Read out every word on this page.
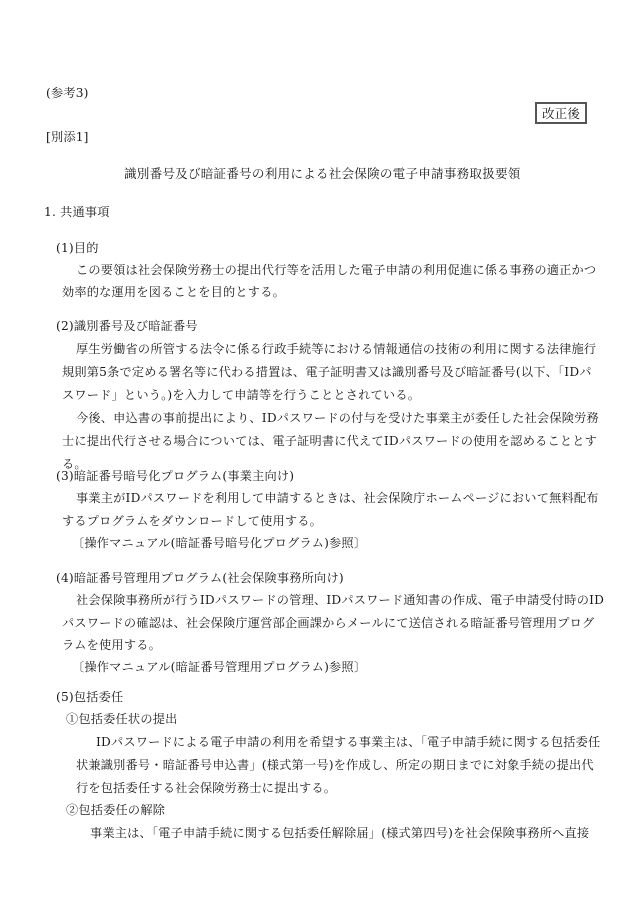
(参考3)
改正後
[別添1]
識別番号及び暗証番号の利用による社会保険の電子申請事務取扱要領
1. 共通事項
(1)目的
この要領は社会保険労務士の提出代行等を活用した電子申請の利用促進に係る事務の適正かつ
効率的な運用を図ることを目的とする。
(2)識別番号及び暗証番号
厚生労働省の所管する法令に係る行政手続等における情報通信の技術の利用に関する法律施行
規則第5条で定める署名等に代わる措置は、電子証明書又は識別番号及び暗証番号(以下、「IDパ
スワード」という。)を入力して申請等を行うこととされている。
今後、申込書の事前提出により、IDパスワードの付与を受けた事業主が委任した社会保険労務
士に提出代行させる場合については、電子証明書に代えてIDパスワードの使用を認めることとす
る。
(3)暗証番号暗号化プログラム(事業主向け)
事業主がIDパスワードを利用して申請するときは、社会保険庁ホームページにおいて無料配布
するプログラムをダウンロードして使用する。
〔操作マニュアル(暗証番号暗号化プログラム)参照〕
(4)暗証番号管理用プログラム(社会保険事務所向け)
社会保険事務所が行うIDパスワードの管理、IDパスワード通知書の作成、電子申請受付時のID
パスワードの確認は、社会保険庁運営部企画課からメールにて送信される暗証番号管理用プログ
ラムを使用する。
〔操作マニュアル(暗証番号管理用プログラム)参照〕
(5)包括委任
①包括委任状の提出
IDパスワードによる電子申請の利用を希望する事業主は、「電子申請手続に関する包括委任
状兼識別番号・暗証番号申込書」(様式第一号)を作成し、所定の期日までに対象手続の提出代
行を包括委任する社会保険労務士に提出する。
②包括委任の解除
事業主は、「電子申請手続に関する包括委任解除届」(様式第四号)を社会保険事務所へ直接
